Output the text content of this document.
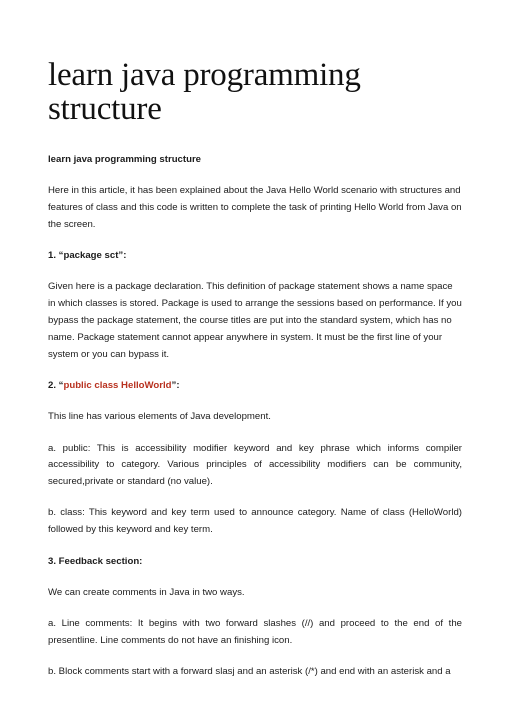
learn java programming structure

learn java programming structure

Here in this article, it has been explained about the Java Hello World scenario with structures and features of class and this code is written to complete the task of printing Hello World from Java on the screen.

1. “package sct”:

Given here is a package declaration. This definition of package statement shows a name space in which classes is stored. Package is used to arrange the sessions based on performance. If you bypass the package statement, the course titles are put into the standard system, which has no name. Package statement cannot appear anywhere in system. It must be the first line of your system or you can bypass it.

2. “public class HelloWorld”:

This line has various elements of Java development.

a. public: This is accessibility modifier keyword and key phrase which informs compiler accessibility to category. Various principles of accessibility modifiers can be community, secured,private or standard (no value).

b. class: This keyword and key term used to announce category. Name of class (HelloWorld) followed by this keyword and key term.

3. Feedback section:

We can create comments in Java in two ways.

a. Line comments: It begins with two forward slashes (//) and proceed to the end of the presentline. Line comments do not have an finishing icon.

b. Block comments start with a forward slasj and an asterisk (/*) and end with an asterisk and a
